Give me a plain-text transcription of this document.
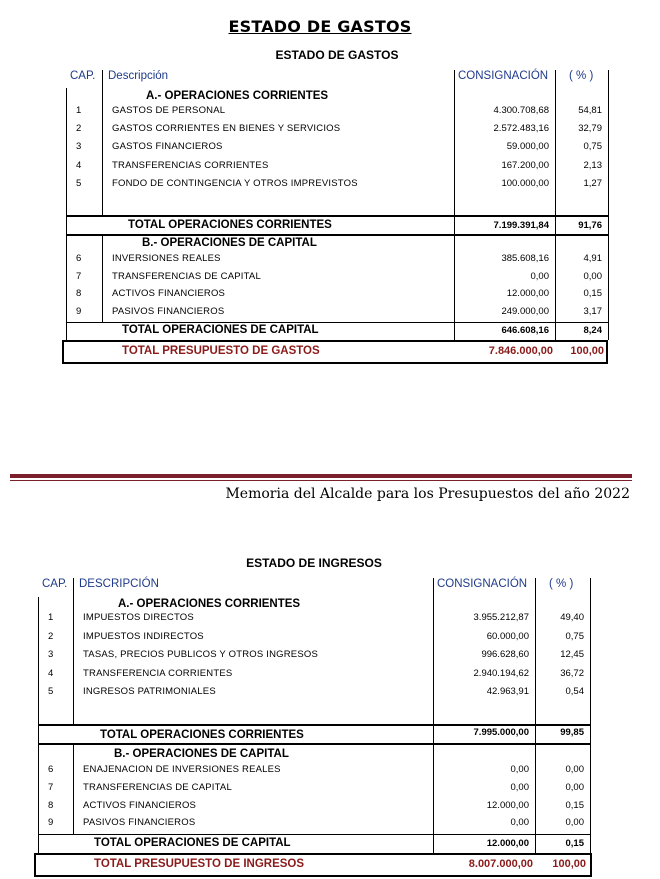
ESTADO DE GASTOS
ESTADO DE GASTOS
CAP. Descripción	CONSIGNACIÓN ( % )
A.- OPERACIONES CORRIENTES
1	GASTOS DE PERSONAL	4.300.708,68	54,81
2	GASTOS CORRIENTES EN BIENES Y SERVICIOS	2.572.483,16	32,79
3	GASTOS FINANCIEROS	59.000,00	0,75
4	TRANSFERENCIAS CORRIENTES	167.200,00	2,13
5	FONDO DE CONTINGENCIA Y OTROS IMPREVISTOS	100.000,00	1,27
TOTAL OPERACIONES CORRIENTES	7.199.391,84	91,76
B.- OPERACIONES DE CAPITAL
6	INVERSIONES REALES	385.608,16	4,91
7	TRANSFERENCIAS DE CAPITAL	0,00	0,00
8	ACTIVOS FINANCIEROS	12.000,00	0,15
9	PASIVOS FINANCIEROS	249.000,00	3,17
TOTAL OPERACIONES DE CAPITAL	646.608,16	8,24
TOTAL PRESUPUESTO DE GASTOS	7.846.000,00	100,00
Memoria del Alcalde para los Presupuestos del año 2022
ESTADO DE INGRESOS
CAP. DESCRIPCIÓN	CONSIGNACIÓN ( % )
A.- OPERACIONES CORRIENTES
1	IMPUESTOS DIRECTOS	3.955.212,87	49,40
2	IMPUESTOS INDIRECTOS	60.000,00	0,75
3	TASAS, PRECIOS PUBLICOS Y OTROS INGRESOS	996.628,60	12,45
4	TRANSFERENCIA CORRIENTES	2.940.194,62	36,72
5	INGRESOS PATRIMONIALES	42.963,91	0,54
TOTAL OPERACIONES CORRIENTES	7.995.000,00	99,85
B.- OPERACIONES DE CAPITAL
6	ENAJENACION DE INVERSIONES REALES	0,00	0,00
7	TRANSFERENCIAS DE CAPITAL	0,00	0,00
8	ACTIVOS FINANCIEROS	12.000,00	0,15
9	PASIVOS FINANCIEROS	0,00	0,00
TOTAL OPERACIONES DE CAPITAL	12.000,00	0,15
TOTAL PRESUPUESTO DE INGRESOS	8.007.000,00	100,00
